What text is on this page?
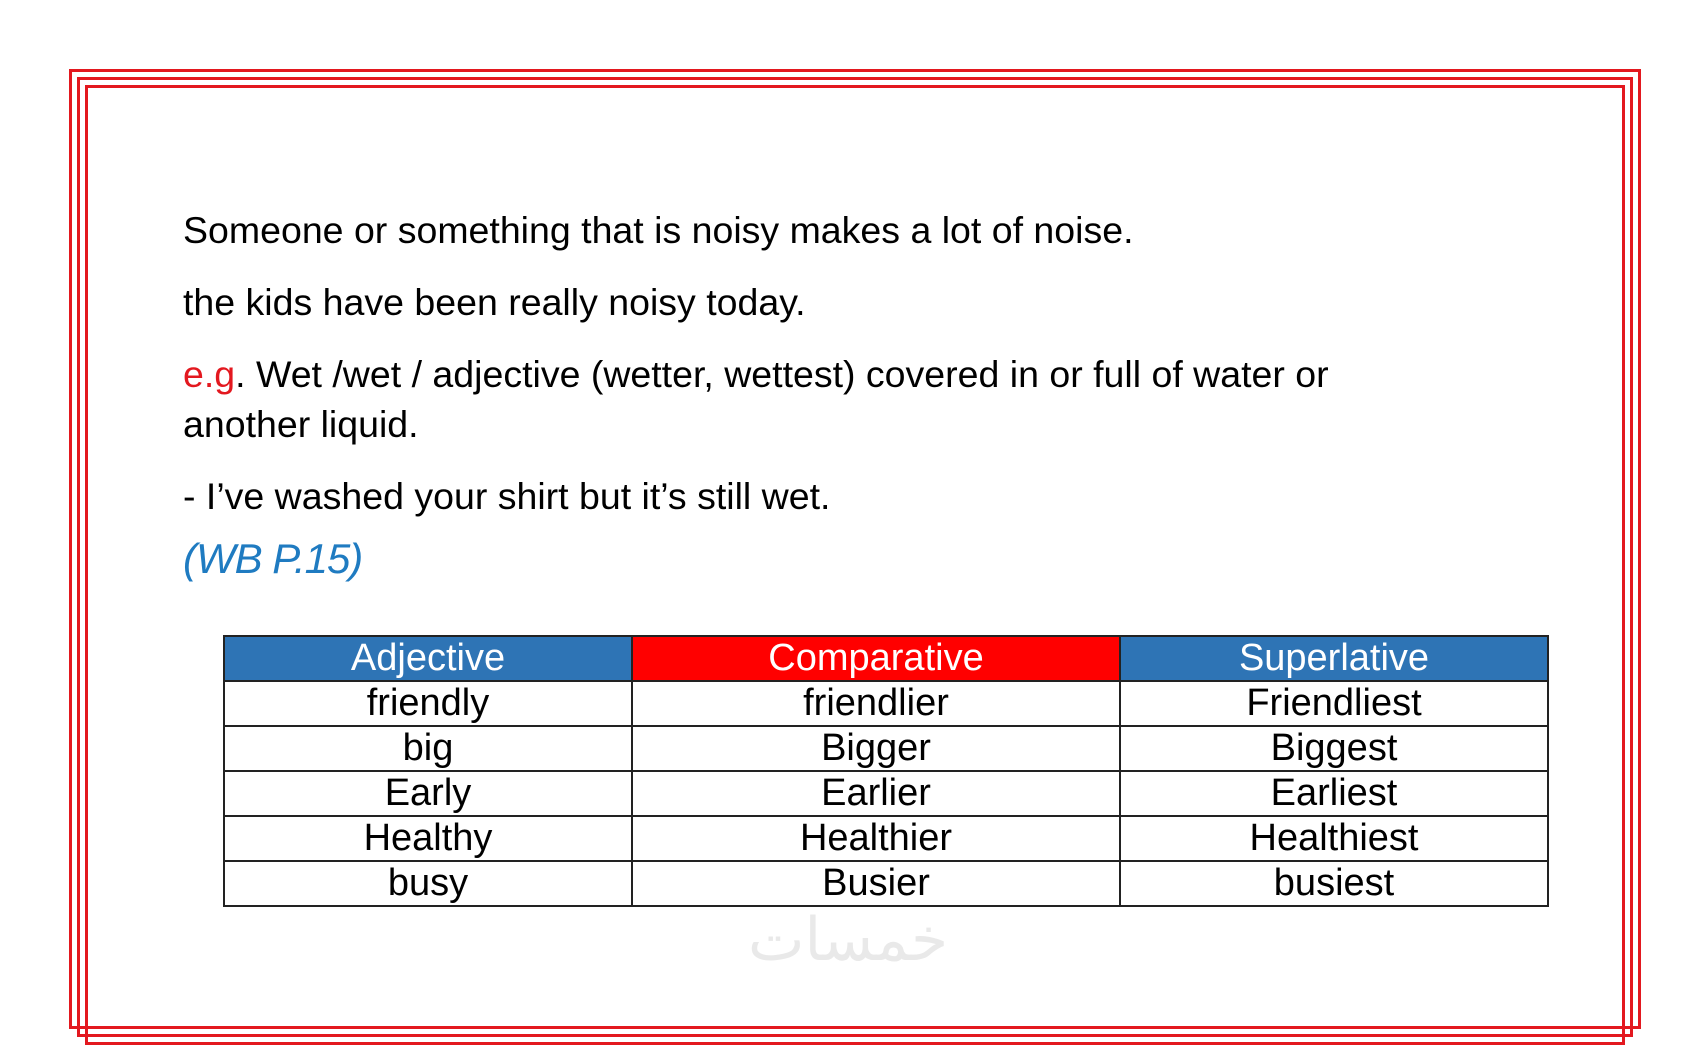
Someone or something that is noisy makes a lot of noise.

the kids have been really noisy today.

e.g. Wet /wet / adjective (wetter, wettest) covered in or full of water or another liquid.

- I’ve washed your shirt but it’s still wet.

(WB P.15)
Adjective	Comparative	Superlative
friendly	friendlier	Friendliest
big	Bigger	Biggest
Early	Earlier	Earliest
Healthy	Healthier	Healthiest
busy	Busier	busiest
خمسات
